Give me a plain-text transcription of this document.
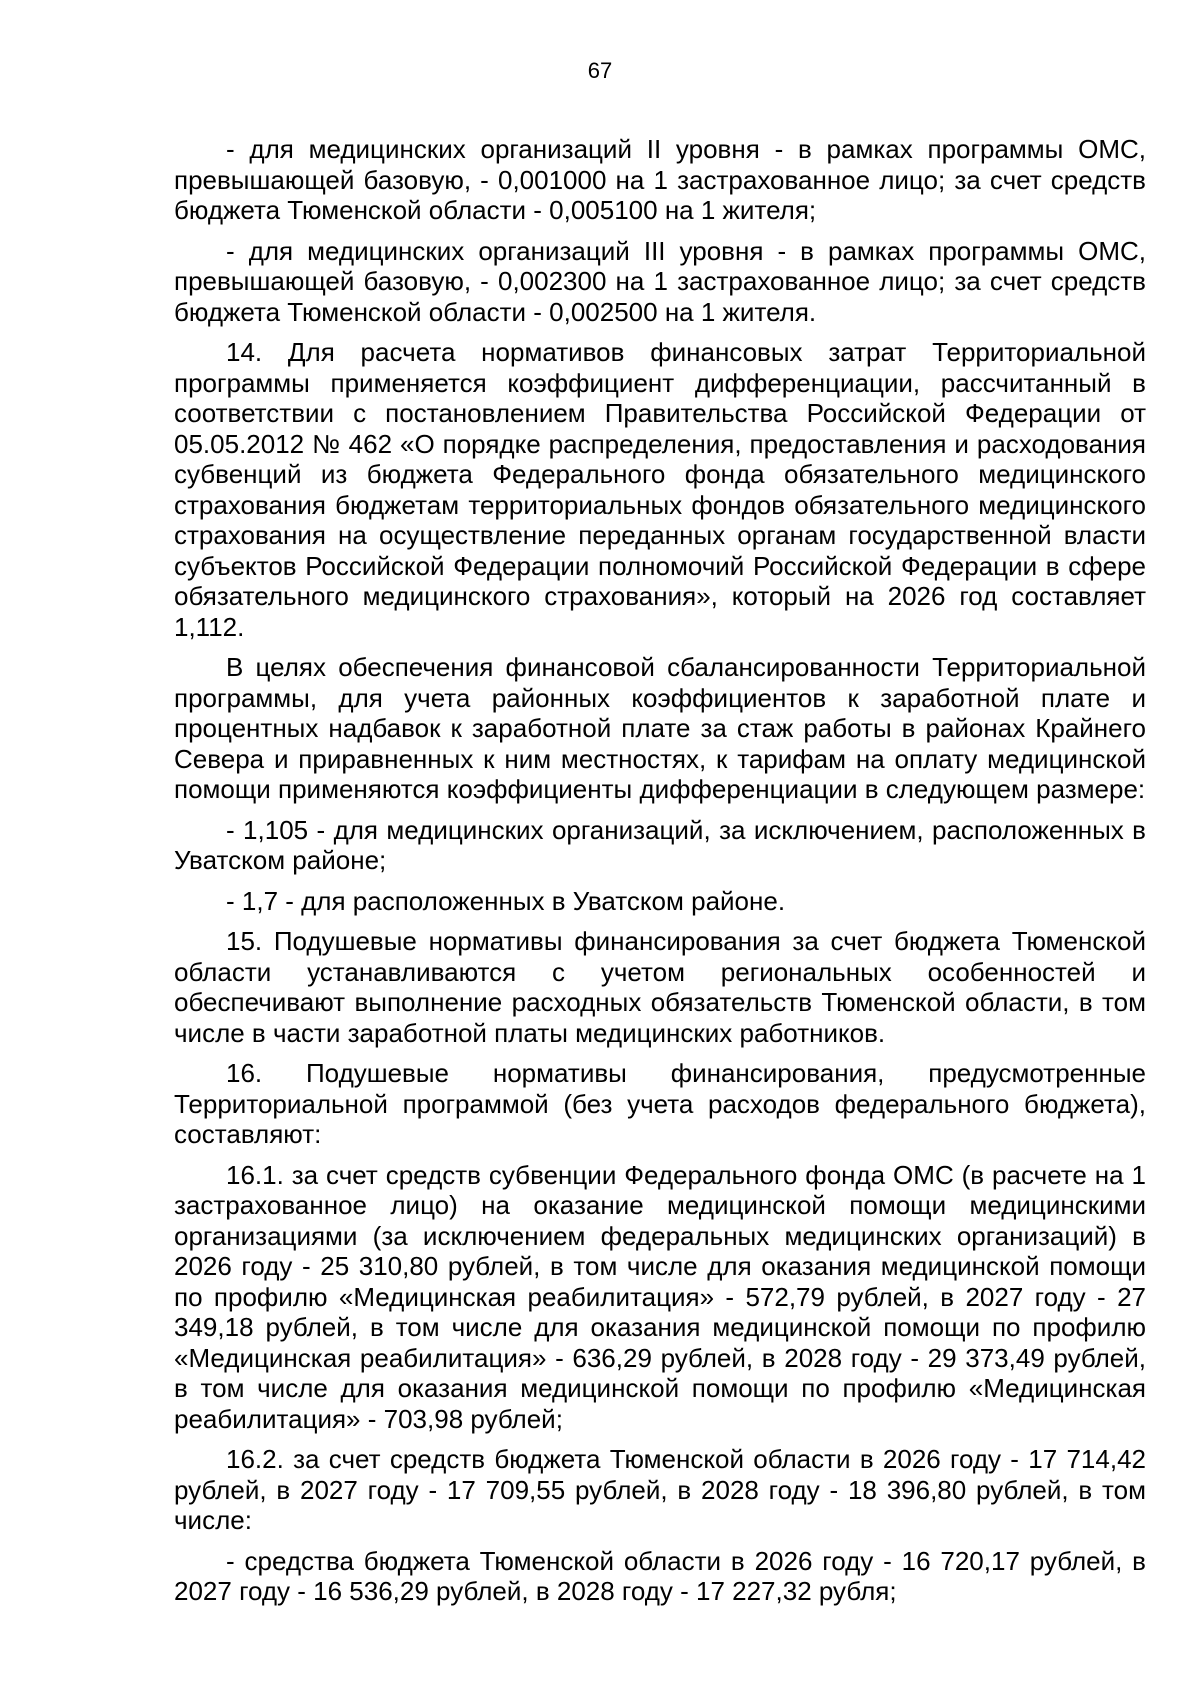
67

- для медицинских организаций II уровня - в рамках программы ОМС, превышающей базовую, - 0,001000 на 1 застрахованное лицо; за счет средств бюджета Тюменской области - 0,005100 на 1 жителя;

- для медицинских организаций III уровня - в рамках программы ОМС, превышающей базовую, - 0,002300 на 1 застрахованное лицо; за счет средств бюджета Тюменской области - 0,002500 на 1 жителя.

14. Для расчета нормативов финансовых затрат Территориальной программы применяется коэффициент дифференциации, рассчитанный в соответствии с постановлением Правительства Российской Федерации от 05.05.2012 № 462 «О порядке распределения, предоставления и расходования субвенций из бюджета Федерального фонда обязательного медицинского страхования бюджетам территориальных фондов обязательного медицинского страхования на осуществление переданных органам государственной власти субъектов Российской Федерации полномочий Российской Федерации в сфере обязательного медицинского страхования», который на 2026 год составляет 1,112.

В целях обеспечения финансовой сбалансированности Территориальной программы, для учета районных коэффициентов к заработной плате и процентных надбавок к заработной плате за стаж работы в районах Крайнего Севера и приравненных к ним местностях, к тарифам на оплату медицинской помощи применяются коэффициенты дифференциации в следующем размере:

- 1,105 - для медицинских организаций, за исключением, расположенных в Уватском районе;

- 1,7 - для расположенных в Уватском районе.

15. Подушевые нормативы финансирования за счет бюджета Тюменской области устанавливаются с учетом региональных особенностей и обеспечивают выполнение расходных обязательств Тюменской области, в том числе в части заработной платы медицинских работников.

16. Подушевые нормативы финансирования, предусмотренные Территориальной программой (без учета расходов федерального бюджета), составляют:

16.1. за счет средств субвенции Федерального фонда ОМС (в расчете на 1 застрахованное лицо) на оказание медицинской помощи медицинскими организациями (за исключением федеральных медицинских организаций) в 2026 году - 25 310,80 рублей, в том числе для оказания медицинской помощи по профилю «Медицинская реабилитация» - 572,79 рублей, в 2027 году - 27 349,18 рублей, в том числе для оказания медицинской помощи по профилю «Медицинская реабилитация» - 636,29 рублей, в 2028 году - 29 373,49 рублей, в том числе для оказания медицинской помощи по профилю «Медицинская реабилитация» - 703,98 рублей;

16.2. за счет средств бюджета Тюменской области в 2026 году - 17 714,42 рублей, в 2027 году - 17 709,55 рублей, в 2028 году - 18 396,80 рублей, в том числе:

- средства бюджета Тюменской области в 2026 году - 16 720,17 рублей, в 2027 году - 16 536,29 рублей, в 2028 году - 17 227,32 рубля;
